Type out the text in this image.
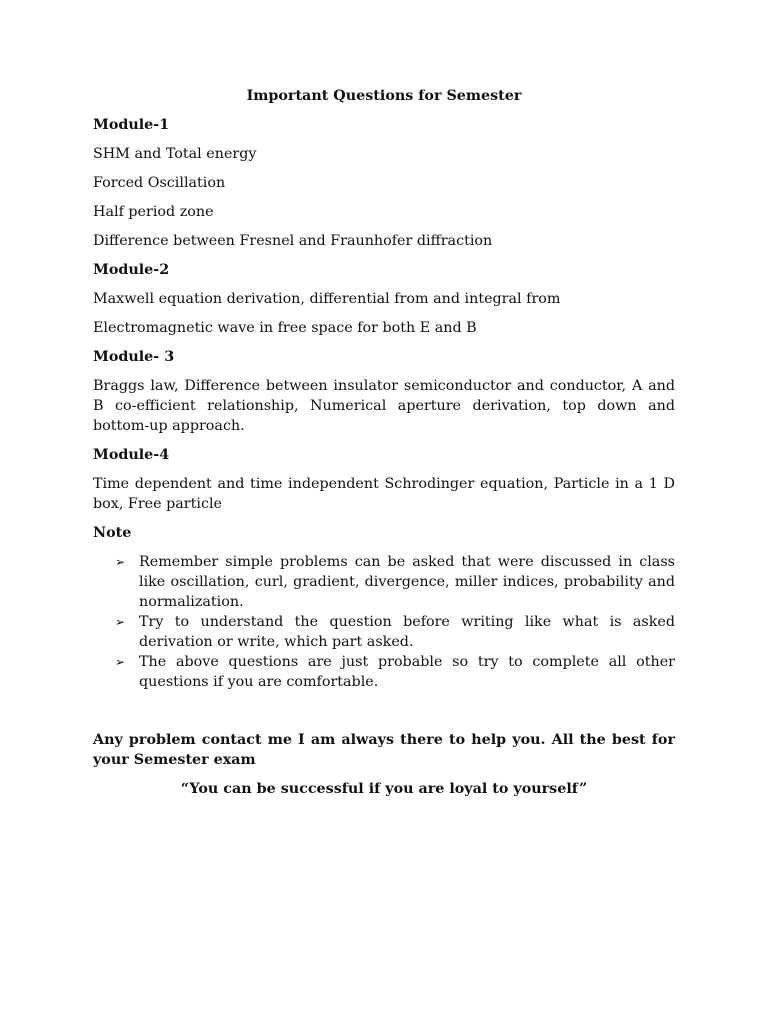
Important Questions for Semester

Module-1

SHM and Total energy

Forced Oscillation

Half period zone

Difference between Fresnel and Fraunhofer diffraction

Module-2

Maxwell equation derivation, differential from and integral from

Electromagnetic wave in free space for both E and B

Module- 3

Braggs law, Difference between insulator semiconductor and conductor, A and B co-efficient relationship, Numerical aperture derivation, top down and bottom-up approach.

Module-4

Time dependent and time independent Schrodinger equation, Particle in a 1 D box, Free particle

Note

➢ Remember simple problems can be asked that were discussed in class like oscillation, curl, gradient, divergence, miller indices, probability and normalization.
➢ Try to understand the question before writing like what is asked derivation or write, which part asked.
➢ The above questions are just probable so try to complete all other questions if you are comfortable.

Any problem contact me I am always there to help you. All the best for your Semester exam

“You can be successful if you are loyal to yourself”
